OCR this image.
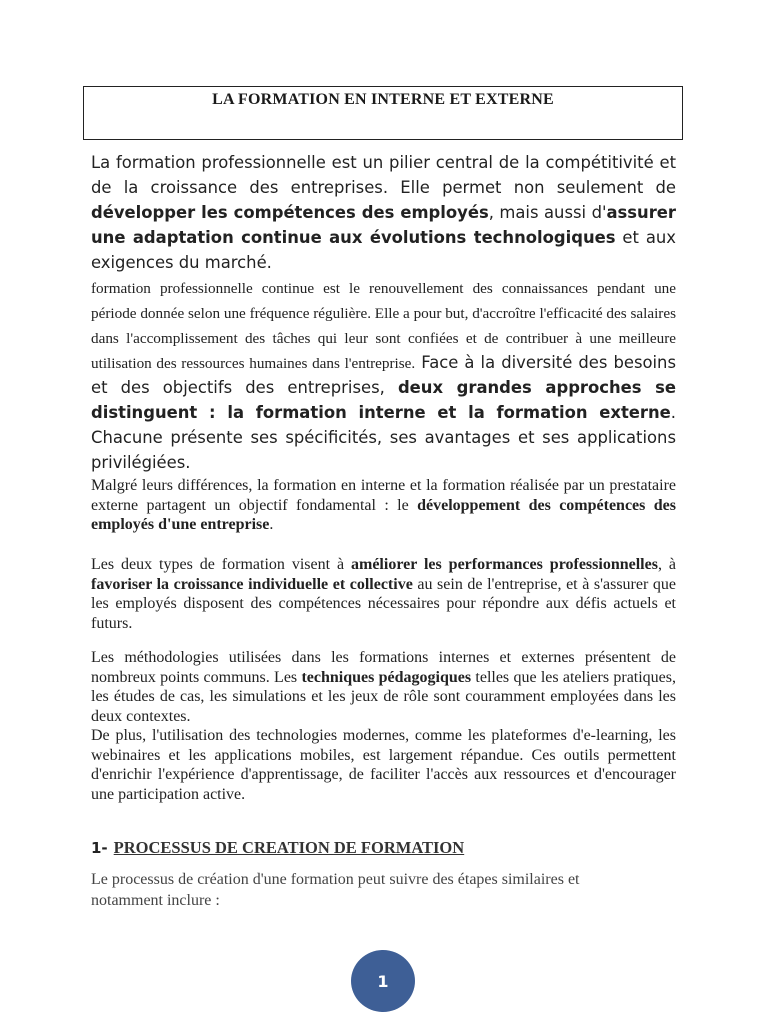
LA FORMATION EN INTERNE ET EXTERNE
La formation professionnelle est un pilier central de la compétitivité et de la croissance des entreprises. Elle permet non seulement de développer les compétences des employés, mais aussi d'assurer une adaptation continue aux évolutions technologiques et aux exigences du marché.
formation professionnelle continue est le renouvellement des connaissances pendant une période donnée selon une fréquence régulière. Elle a pour but, d'accroître l'efficacité des salaires dans l'accomplissement des tâches qui leur sont confiées et de contribuer à une meilleure utilisation des ressources humaines dans l'entreprise. Face à la diversité des besoins et des objectifs des entreprises, deux grandes approches se distinguent : la formation interne et la formation externe. Chacune présente ses spécificités, ses avantages et ses applications privilégiées.
Malgré leurs différences, la formation en interne et la formation réalisée par un prestataire externe partagent un objectif fondamental : le développement des compétences des employés d'une entreprise.
Les deux types de formation visent à améliorer les performances professionnelles, à favoriser la croissance individuelle et collective au sein de l'entreprise, et à s'assurer que les employés disposent des compétences nécessaires pour répondre aux défis actuels et futurs.
Les méthodologies utilisées dans les formations internes et externes présentent de nombreux points communs. Les techniques pédagogiques telles que les ateliers pratiques, les études de cas, les simulations et les jeux de rôle sont couramment employées dans les deux contextes.
De plus, l'utilisation des technologies modernes, comme les plateformes d'e-learning, les webinaires et les applications mobiles, est largement répandue. Ces outils permettent d'enrichir l'expérience d'apprentissage, de faciliter l'accès aux ressources et d'encourager une participation active.
1- PROCESSUS DE CREATION DE FORMATION
Le processus de création d'une formation peut suivre des étapes similaires et notamment inclure :
1
